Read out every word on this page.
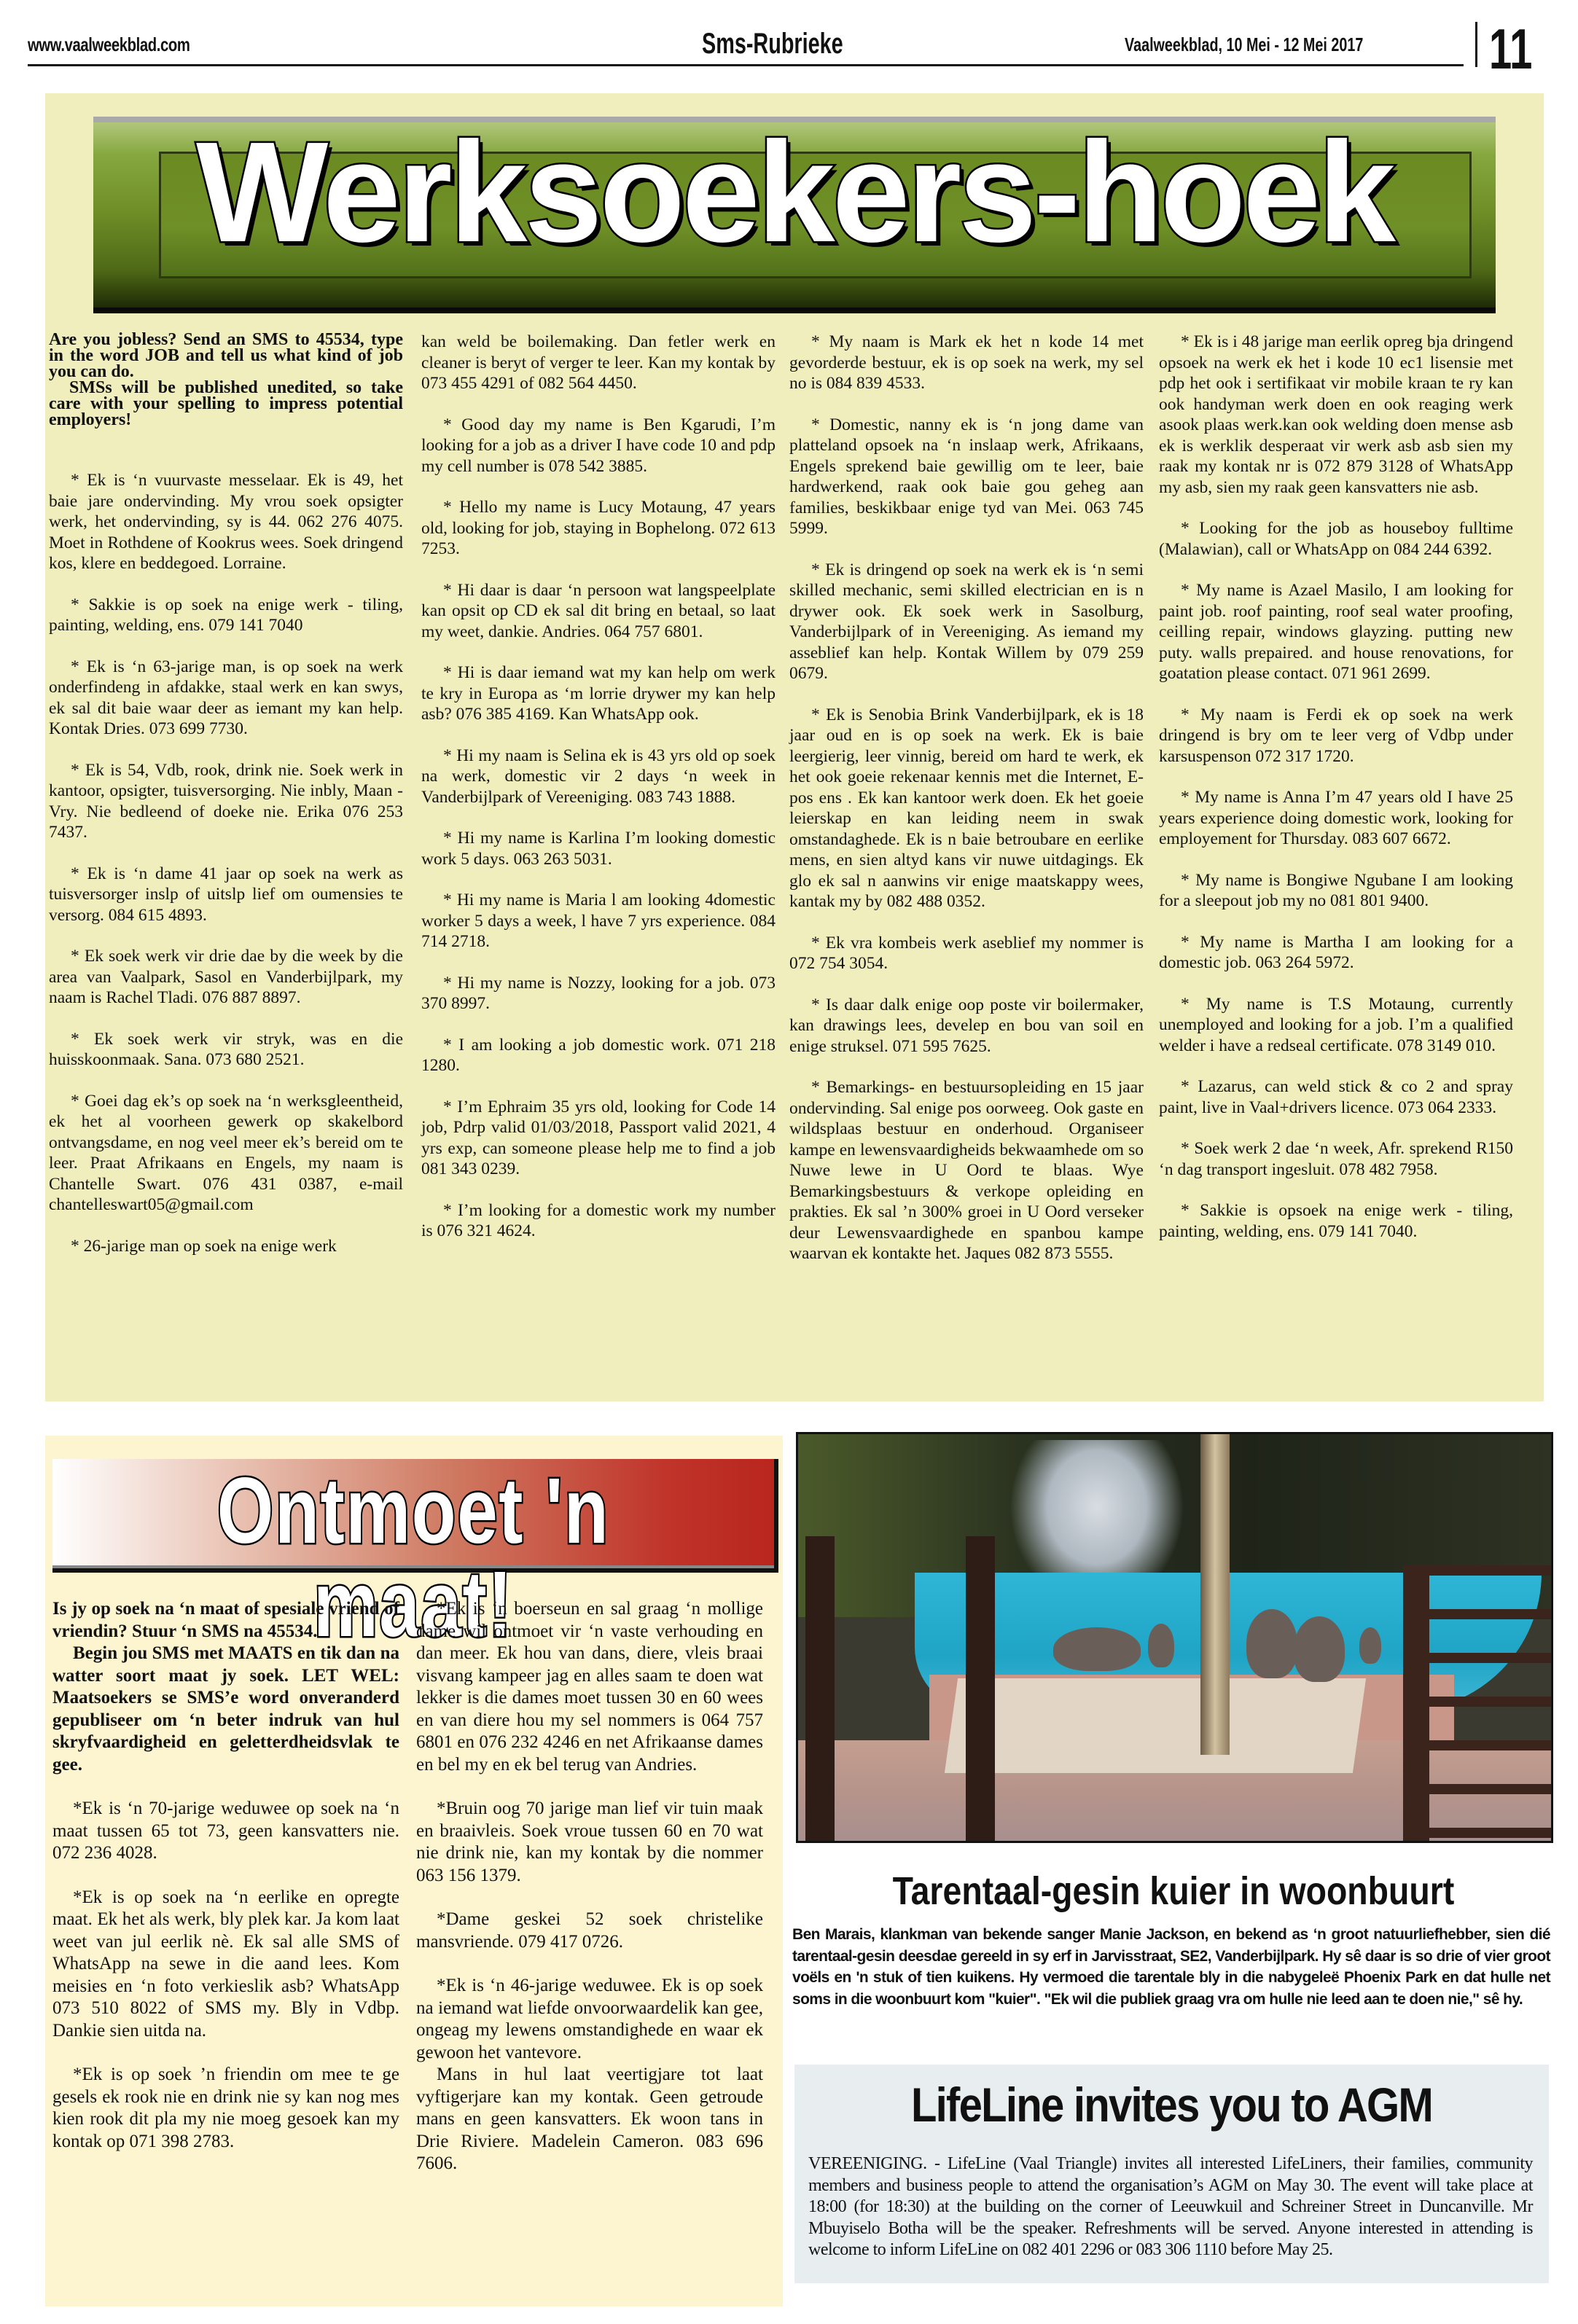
www.vaalweekblad.com	Sms-Rubrieke	Vaalweekblad, 10 Mei - 12 Mei 2017 11
Werksoekers-hoek

Are you jobless? Send an SMS to 45534, type in the word JOB and tell us what kind of job you can do.
SMSs will be published unedited, so take care with your spelling to impress potential employers!

* Ek is ‘n vuurvaste messelaar. Ek is 49, het baie jare ondervinding. My vrou soek opsigter werk, het ondervinding, sy is 44. 062 276 4075. Moet in Rothdene of Kookrus wees. Soek dringend kos, klere en beddegoed. Lorraine.

* Sakkie is op soek na enige werk - tiling, painting, welding, ens. 079 141 7040

* Ek is ‘n 63-jarige man, is op soek na werk onderfindeng in afdakke, staal werk en kan swys, ek sal dit baie waar deer as iemant my kan help. Kontak Dries. 073 699 7730.

* Ek is 54, Vdb, rook, drink nie. Soek werk in kantoor, opsigter, tuisversorging. Nie inbly, Maan - Vry. Nie bedleend of doeke nie. Erika 076 253 7437.

* Ek is ‘n dame 41 jaar op soek na werk as tuisversorger inslp of uitslp lief om oumensies te versorg. 084 615 4893.

* Ek soek werk vir drie dae by die week by die area van Vaalpark, Sasol en Vanderbijlpark, my naam is Rachel Tladi. 076 887 8897.

* Ek soek werk vir stryk, was en die huisskoonmaak. Sana. 073 680 2521.

* Goei dag ek’s op soek na ‘n werksgleentheid, ek het al voorheen gewerk op skakelbord ontvangsdame, en nog veel meer ek’s bereid om te leer. Praat Afrikaans en Engels, my naam is Chantelle Swart. 076 431 0387, e-mail chantelleswart05@gmail.com

* 26-jarige man op soek na enige werk

kan weld be boilemaking. Dan fetler werk en cleaner is beryt of verger te leer. Kan my kontak by 073 455 4291 of 082 564 4450.

* Good day my name is Ben Kgarudi, I’m looking for a job as a driver I have code 10 and pdp my cell number is 078 542 3885.

* Hello my name is Lucy Motaung, 47 years old, looking for job, staying in Bophelong. 072 613 7253.

* Hi daar is daar ‘n persoon wat langspeelplate kan opsit op CD ek sal dit bring en betaal, so laat my weet, dankie. Andries. 064 757 6801.

* Hi is daar iemand wat my kan help om werk te kry in Europa as ‘m lorrie drywer my kan help asb? 076 385 4169. Kan WhatsApp ook.

* Hi my naam is Selina ek is 43 yrs old op soek na werk, domestic vir 2 days ‘n week in Vanderbijlpark of Vereeniging. 083 743 1888.

* Hi my name is Karlina I’m looking domestic work 5 days. 063 263 5031.

* Hi my name is Maria l am looking 4domestic worker 5 days a week, l have 7 yrs experience. 084 714 2718.

* Hi my name is Nozzy, looking for a job. 073 370 8997.

* I am looking a job domestic work. 071 218 1280.

* I’m Ephraim 35 yrs old, looking for Code 14 job, Pdrp valid 01/03/2018, Passport valid 2021, 4 yrs exp, can someone please help me to find a job 081 343 0239.

* I’m looking for a domestic work my number is 076 321 4624.

* My naam is Mark ek het n kode 14 met gevorderde bestuur, ek is op soek na werk, my sel no is 084 839 4533.

* Domestic, nanny ek is ‘n jong dame van platteland opsoek na ‘n inslaap werk, Afrikaans, Engels sprekend baie gewillig om te leer, baie hardwerkend, raak ook baie gou geheg aan families, beskikbaar enige tyd van Mei. 063 745 5999.

* Ek is dringend op soek na werk ek is ‘n semi skilled mechanic, semi skilled electrician en is n drywer ook. Ek soek werk in Sasolburg, Vanderbijlpark of in Vereeniging. As iemand my asseblief kan help. Kontak Willem by 079 259 0679.

* Ek is Senobia Brink Vanderbijlpark, ek is 18 jaar oud en is op soek na werk. Ek is baie leergierig, leer vinnig, bereid om hard te werk, ek het ook goeie rekenaar kennis met die Internet, E-pos ens . Ek kan kantoor werk doen. Ek het goeie leierskap en kan leiding neem in swak omstandaghede. Ek is n baie betroubare en eerlike mens, en sien altyd kans vir nuwe uitdagings. Ek glo ek sal n aanwins vir enige maatskappy wees, kantak my by 082 488 0352.

* Ek vra kombeis werk aseblief my nommer is 072 754 3054.

* Is daar dalk enige oop poste vir boilermaker, kan drawings lees, develep en bou van soil en enige struksel. 071 595 7625.

* Bemarkings- en bestuursopleiding en 15 jaar ondervinding. Sal enige pos oorweeg. Ook gaste en wildsplaas bestuur en onderhoud. Organiseer kampe en lewensvaardigheids bekwaamhede om so Nuwe lewe in U Oord te blaas. Wye Bemarkingsbestuurs & verkope opleiding en prakties. Ek sal ’n 300% groei in U Oord verseker deur Lewensvaardighede en spanbou kampe waarvan ek kontakte het. Jaques 082 873 5555.

* Ek is i 48 jarige man eerlik opreg bja dringend opsoek na werk ek het i kode 10 ec1 lisensie met pdp het ook i sertifikaat vir mobile kraan te ry kan ook handyman werk doen en ook reaging werk asook plaas werk.kan ook welding doen mense asb ek is werklik desperaat vir werk asb asb sien my raak my kontak nr is 072 879 3128 of WhatsApp my asb, sien my raak geen kansvatters nie asb.

* Looking for the job as houseboy fulltime (Malawian), call or WhatsApp on 084 244 6392.

* My name is Azael Masilo, I am looking for paint job. roof painting, roof seal water proofing, ceilling repair, windows glayzing. putting new puty. walls prepaired. and house renovations, for goatation please contact. 071 961 2699.

* My naam is Ferdi ek op soek na werk dringend is bry om te leer verg of Vdbp under karsuspenson 072 317 1720.

* My name is Anna I’m 47 years old I have 25 years experience doing domestic work, looking for employement for Thursday. 083 607 6672.

* My name is Bongiwe Ngubane I am looking for a sleepout job my no 081 801 9400.

* My name is Martha I am looking for a domestic job. 063 264 5972.

* My name is T.S Motaung, currently unemployed and looking for a job. I’m a qualified welder i have a redseal certificate. 078 3149 010.

* Lazarus, can weld stick & co 2 and spray paint, live in Vaal+drivers licence. 073 064 2333.

* Soek werk 2 dae ‘n week, Afr. sprekend R150 ‘n dag transport ingesluit. 078 482 7958.

* Sakkie is opsoek na enige werk - tiling, painting, welding, ens. 079 141 7040.

Ontmoet 'n maat!

Is jy op soek na ‘n maat of spesiale vriend of vriendin? Stuur ‘n SMS na 45534.
Begin jou SMS met MAATS en tik dan na watter soort maat jy soek. LET WEL: Maatsoekers se SMS’e word onveranderd gepubliseer om ‘n beter indruk van hul skryfvaardigheid en geletterdheidsvlak te gee.

*Ek is ‘n 70-jarige weduwee op soek na ‘n maat tussen 65 tot 73, geen kansvatters nie. 072 236 4028.

*Ek is op soek na ‘n eerlike en opregte maat. Ek het als werk, bly plek kar. Ja kom laat weet van jul eerlik nè. Ek sal alle SMS of WhatsApp na sewe in die aand lees. Kom meisies en ‘n foto verkieslik asb? WhatsApp 073 510 8022 of SMS my. Bly in Vdbp. Dankie sien uitda na.

*Ek is op soek ’n friendin om mee te ge gesels ek rook nie en drink nie sy kan nog mes kien rook dit pla my nie moeg gesoek kan my kontak op 071 398 2783.

*Ek is ‘n boerseun en sal graag ‘n mollige dame wil ontmoet vir ‘n vaste verhouding en dan meer. Ek hou van dans, diere, vleis braai visvang kampeer jag en alles saam te doen wat lekker is die dames moet tussen 30 en 60 wees en van diere hou my sel nommers is 064 757 6801 en 076 232 4246 en net Afrikaanse dames en bel my en ek bel terug van Andries.

*Bruin oog 70 jarige man lief vir tuin maak en braaivleis. Soek vroue tussen 60 en 70 wat nie drink nie, kan my kontak by die nommer 063 156 1379.

*Dame geskei 52 soek christelike mansvriende. 079 417 0726.

*Ek is ‘n 46-jarige weduwee. Ek is op soek na iemand wat liefde onvoorwaardelik kan gee, ongeag my lewens omstandighede en waar ek gewoon het vantevore.

Mans in hul laat veertigjare tot laat vyftigerjare kan my kontak. Geen getroude mans en geen kansvatters. Ek woon tans in Drie Riviere. Madelein Cameron. 083 696 7606.

Tarentaal-gesin kuier in woonbuurt
Ben Marais, klankman van bekende sanger Manie Jackson, en bekend as ‘n groot natuurliefhebber, sien dié tarentaal-gesin deesdae gereeld in sy erf in Jarvisstraat, SE2, Vanderbijlpark. Hy sê daar is so drie of vier groot voëls en 'n stuk of tien kuikens. Hy vermoed die tarentale bly in die nabygeleë Phoenix Park en dat hulle net soms in die woonbuurt kom "kuier". "Ek wil die publiek graag vra om hulle nie leed aan te doen nie," sê hy.
LifeLine invites you to AGM
VEREENIGING. - LifeLine (Vaal Triangle) invites all interested LifeLiners, their families, community members and business people to attend the organisation’s AGM on May 30. The event will take place at 18:00 (for 18:30) at the building on the corner of Leeuwkuil and Schreiner Street in Duncanville. Mr Mbuyiselo Botha will be the speaker. Refreshments will be served. Anyone interested in attending is welcome to inform LifeLine on 082 401 2296 or 083 306 1110 before May 25.
